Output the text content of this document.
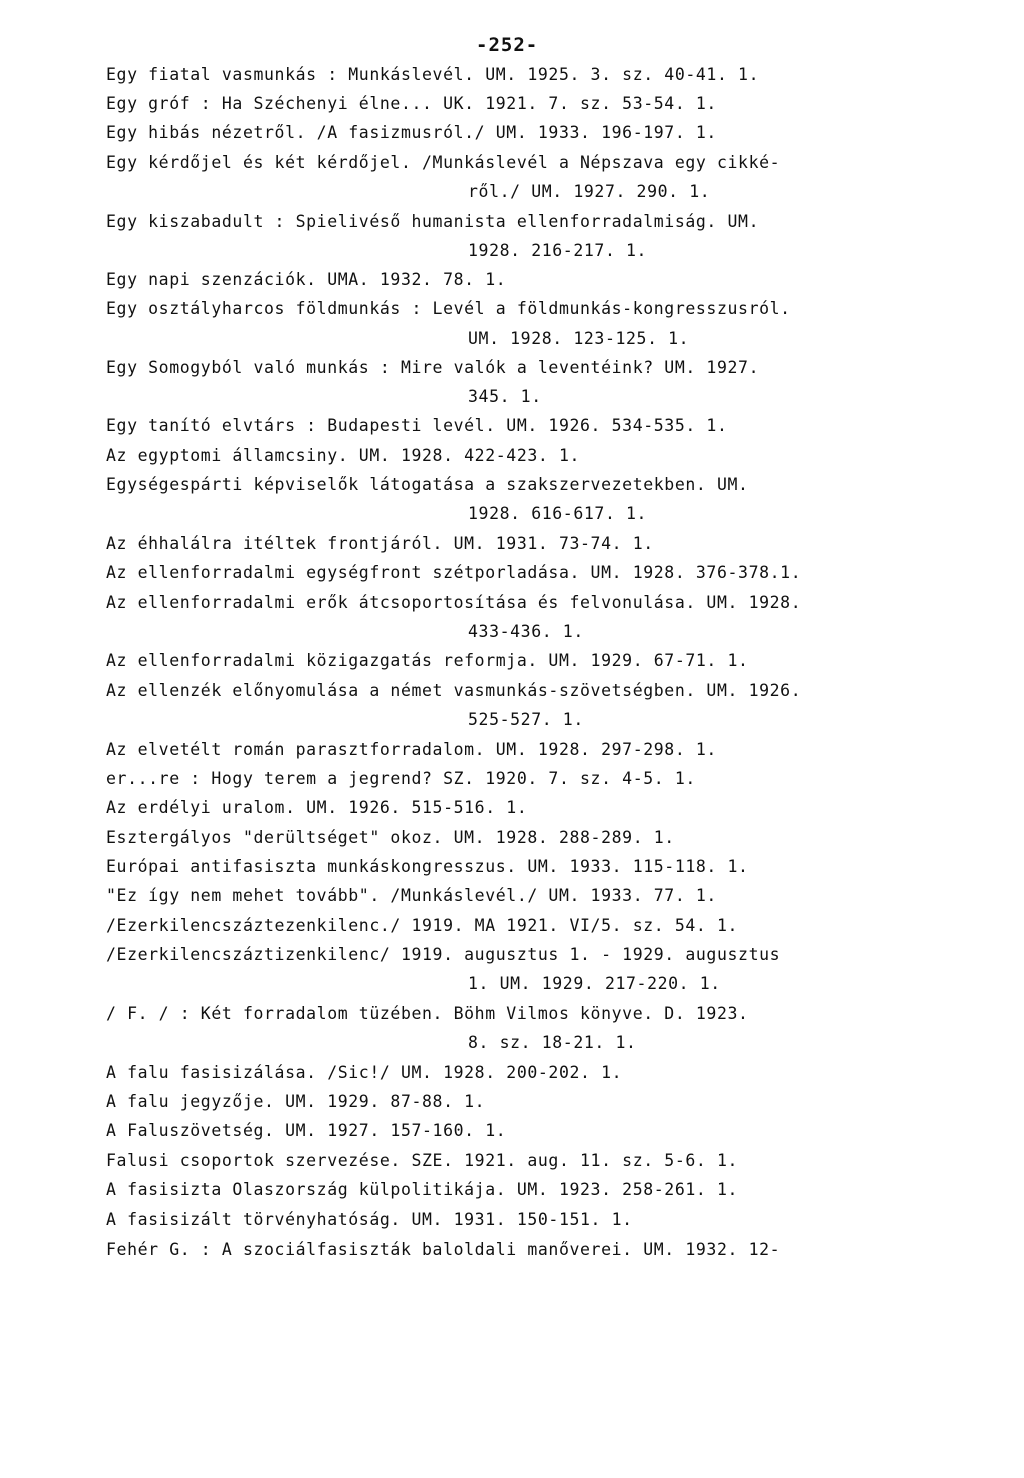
-252-
Egy fiatal vasmunkás : Munkáslevél. UM. 1925. 3. sz. 40-41. 1.
Egy gróf : Ha Széchenyi élne... UK. 1921. 7. sz. 53-54. 1.
Egy hibás nézetről. /A fasizmusról./ UM. 1933. 196-197. 1.
Egy kérdőjel és két kérdőjel. /Munkáslevél a Népszava egy cikké-
ről./ UM. 1927. 290. 1.
Egy kiszabadult : Spielivéső humanista ellenforradalmiság. UM.
1928. 216-217. 1.
Egy napi szenzációk. UMA. 1932. 78. 1.
Egy osztályharcos földmunkás : Levél a földmunkás-kongresszusról.
UM. 1928. 123-125. 1.
Egy Somogyból való munkás : Mire valók a leventéink? UM. 1927.
345. 1.
Egy tanító elvtárs : Budapesti levél. UM. 1926. 534-535. 1.
Az egyptomi államcsiny. UM. 1928. 422-423. 1.
Egységespárti képviselők látogatása a szakszervezetekben. UM.
1928. 616-617. 1.
Az éhhalálra itéltek frontjáról. UM. 1931. 73-74. 1.
Az ellenforradalmi egységfront szétporladása. UM. 1928. 376-378.1.
Az ellenforradalmi erők átcsoportosítása és felvonulása. UM. 1928.
433-436. 1.
Az ellenforradalmi közigazgatás reformja. UM. 1929. 67-71. 1.
Az ellenzék előnyomulása a német vasmunkás-szövetségben. UM. 1926.
525-527. 1.
Az elvetélt román parasztforradalom. UM. 1928. 297-298. 1.
er...re : Hogy terem a jegrend? SZ. 1920. 7. sz. 4-5. 1.
Az erdélyi uralom. UM. 1926. 515-516. 1.
Esztergályos "derültséget" okoz. UM. 1928. 288-289. 1.
Európai antifasiszta munkáskongresszus. UM. 1933. 115-118. 1.
"Ez így nem mehet tovább". /Munkáslevél./ UM. 1933. 77. 1.
/Ezerkilencszáztezenkilenc./ 1919. MA 1921. VI/5. sz. 54. 1.
/Ezerkilencszáztizenkilenc/ 1919. augusztus 1. - 1929. augusztus
1. UM. 1929. 217-220. 1.
/ F. / : Két forradalom tüzében. Böhm Vilmos könyve. D. 1923.
8. sz. 18-21. 1.
A falu fasisizálása. /Sic!/ UM. 1928. 200-202. 1.
A falu jegyzője. UM. 1929. 87-88. 1.
A Faluszövetség. UM. 1927. 157-160. 1.
Falusi csoportok szervezése. SZE. 1921. aug. 11. sz. 5-6. 1.
A fasisizta Olaszország külpolitikája. UM. 1923. 258-261. 1.
A fasisizált törvényhatóság. UM. 1931. 150-151. 1.
Fehér G. : A szociálfasiszták baloldali manőverei. UM. 1932. 12-
